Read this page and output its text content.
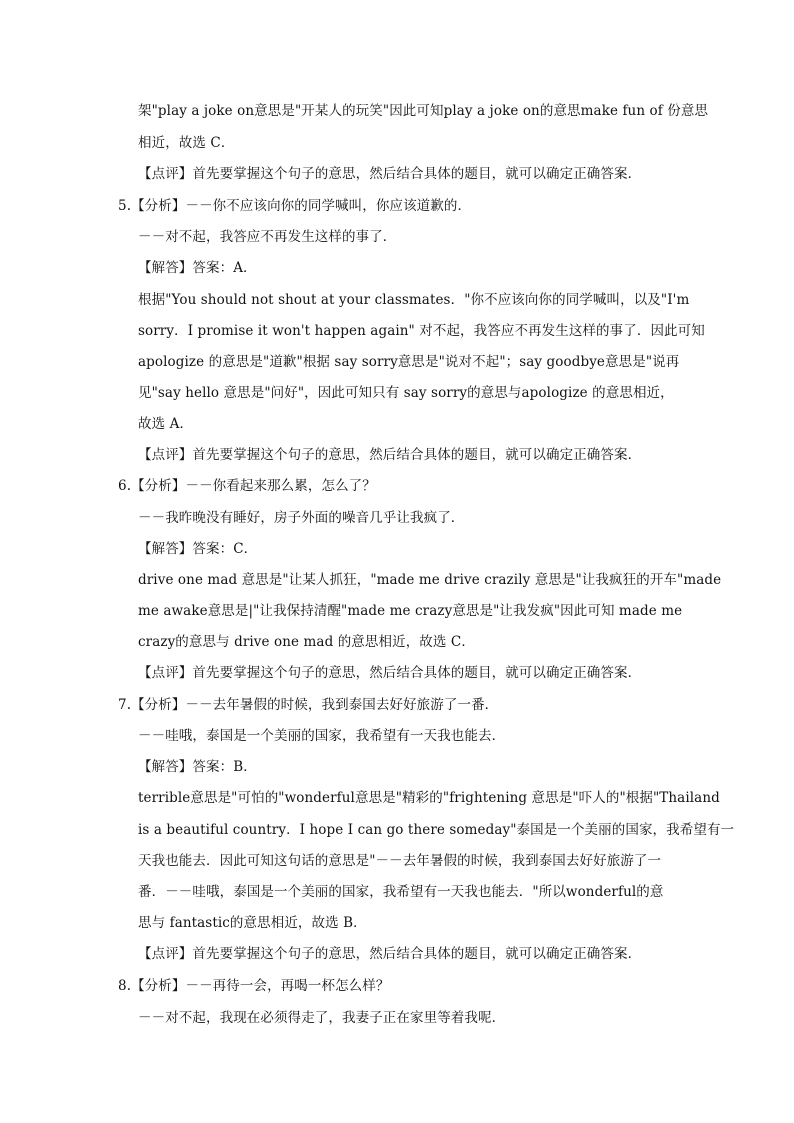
架"play a joke on意思是"开某人的玩笑"因此可知play a joke on的意思make fun of 份意思
相近，故选 C．
【点评】首先要掌握这个句子的意思，然后结合具体的题目，就可以确定正确答案．
5.【分析】－－你不应该向你的同学喊叫，你应该道歉的．
－－对不起，我答应不再发生这样的事了．
【解答】答案：A．
根据"You should not shout at your classmates．"你不应该向你的同学喊叫，以及"I'm
sorry．I promise it won't happen again" 对不起，我答应不再发生这样的事了．因此可知
apologize 的意思是"道歉"根据 say sorry意思是"说对不起"；say goodbye意思是"说再
见"say hello 意思是"问好"，因此可知只有 say sorry的意思与apologize 的意思相近，
故选 A．
【点评】首先要掌握这个句子的意思，然后结合具体的题目，就可以确定正确答案．
6.【分析】－－你看起来那么累，怎么了？
－－我昨晚没有睡好，房子外面的噪音几乎让我疯了．
【解答】答案：C．
drive one mad 意思是"让某人抓狂，"made me drive crazily 意思是"让我疯狂的开车"made
me awake意思是|"让我保持清醒"made me crazy意思是"让我发疯"因此可知 made me
crazy的意思与 drive one mad 的意思相近，故选 C．
【点评】首先要掌握这个句子的意思，然后结合具体的题目，就可以确定正确答案．
7.【分析】－－去年暑假的时候，我到泰国去好好旅游了一番．
－－哇哦，泰国是一个美丽的国家，我希望有一天我也能去．
【解答】答案：B．
terrible意思是"可怕的"wonderful意思是"精彩的"frightening 意思是"吓人的"根据"Thailand
is a beautiful country．I hope I can go there someday"泰国是一个美丽的国家，我希望有一
天我也能去．因此可知这句话的意思是"－－去年暑假的时候，我到泰国去好好旅游了一
番．－－哇哦，泰国是一个美丽的国家，我希望有一天我也能去．"所以wonderful的意
思与 fantastic的意思相近，故选 B．
【点评】首先要掌握这个句子的意思，然后结合具体的题目，就可以确定正确答案．
8.【分析】－－再待一会，再喝一杯怎么样？
－－对不起，我现在必须得走了，我妻子正在家里等着我呢．
